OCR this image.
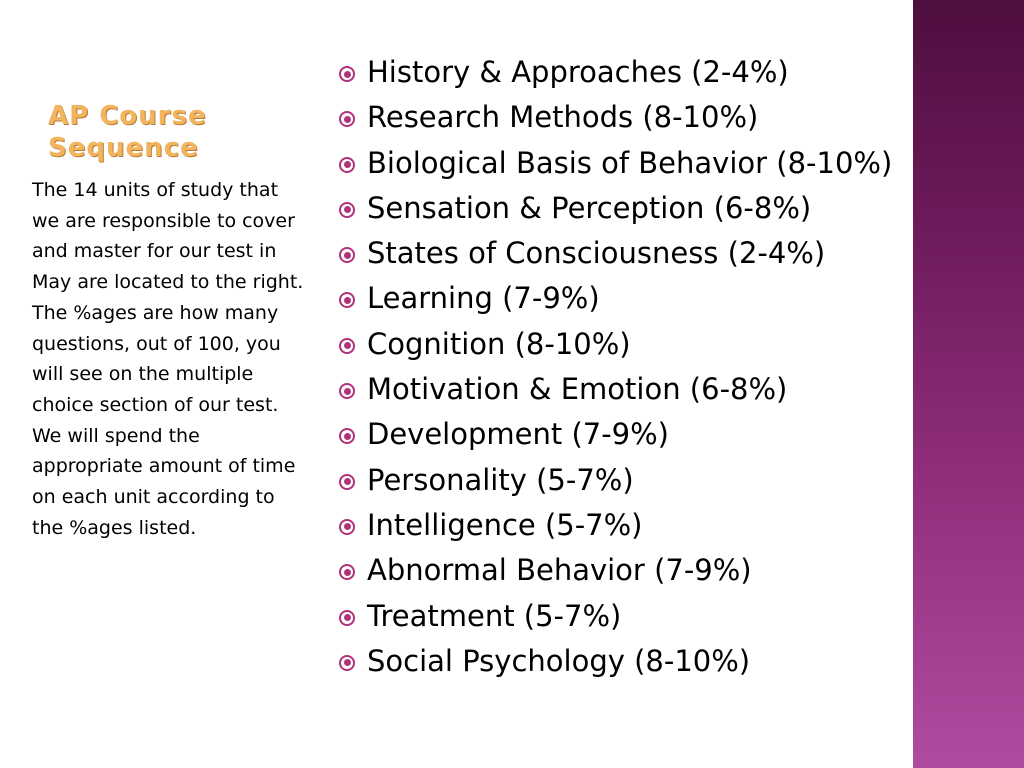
AP Course
Sequence

The 14 units of study that we are responsible to cover and master for our test in May are located to the right.

The %ages are how many questions, out of 100, you will see on the multiple choice section of our test.

We will spend the appropriate amount of time on each unit according to the %ages listed.

History & Approaches (2-4%)
Research Methods (8-10%)
Biological Basis of Behavior (8-10%)
Sensation & Perception (6-8%)
States of Consciousness (2-4%)
Learning (7-9%)
Cognition (8-10%)
Motivation & Emotion (6-8%)
Development (7-9%)
Personality (5-7%)
Intelligence (5-7%)
Abnormal Behavior (7-9%)
Treatment (5-7%)
Social Psychology (8-10%)
